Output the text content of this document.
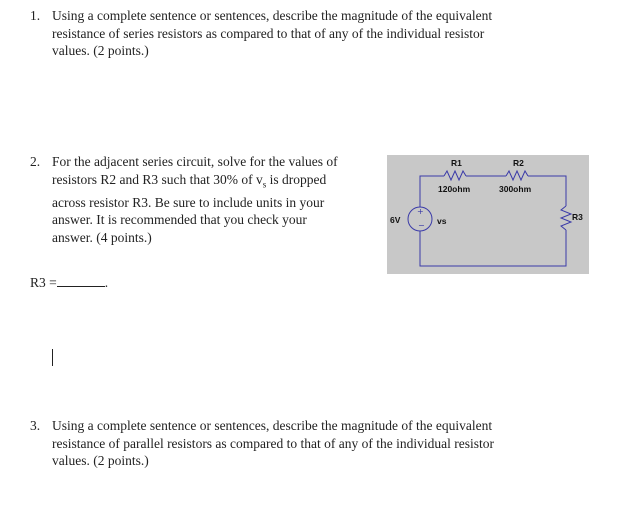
1. Using a complete sentence or sentences, describe the magnitude of the equivalent
resistance of series resistors as compared to that of any of the individual resistor
values. (2 points.)
2. For the adjacent series circuit, solve for the values of
resistors R2 and R3 such that 30% of $v_s$ is dropped
across resistor R3. Be sure to include units in your
answer. It is recommended that you check your
answer. (4 points.)
+
−
R1
120ohm
R2
300ohm
R3
6V	vs
R3 =	.
3. Using a complete sentence or sentences, describe the magnitude of the equivalent
resistance of parallel resistors as compared to that of any of the individual resistor
values. (2 points.)
